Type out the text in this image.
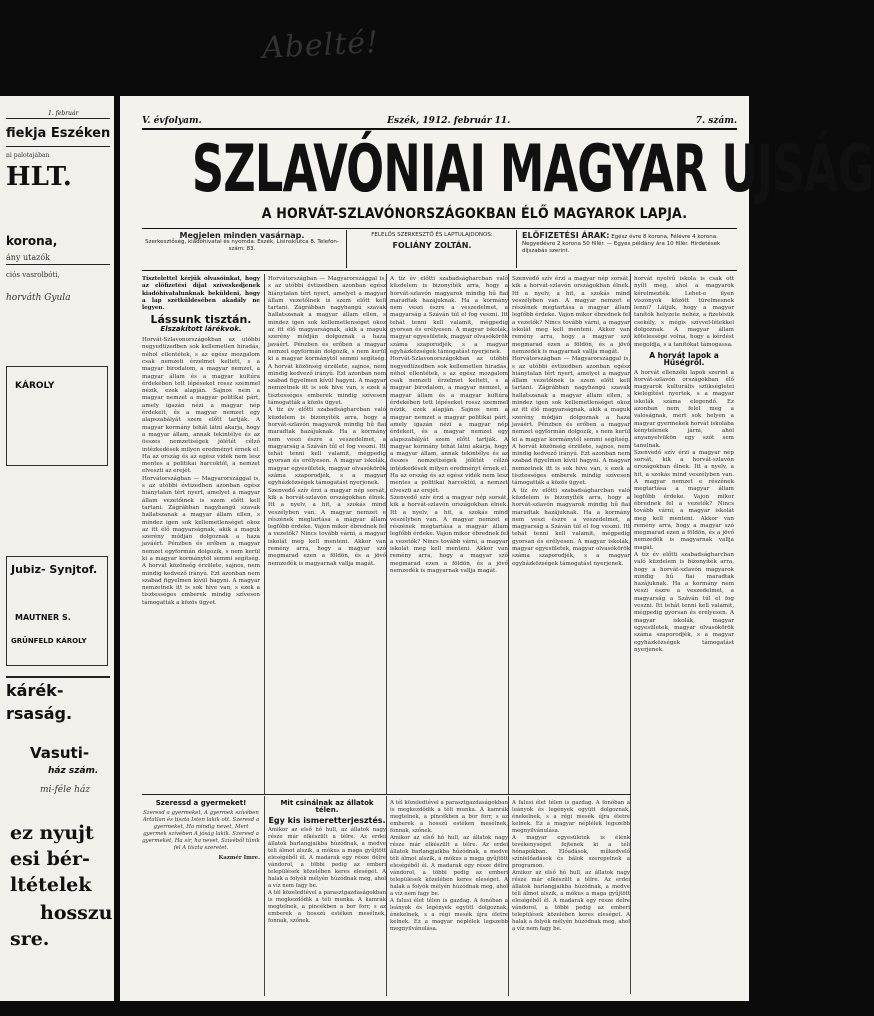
Abelté!
1. február
fiekja Eszéken
ni palotajában
HLT.
korona,
ány utazók
ciós vasrolbóti,
horváth Gyula
KÁROLY
Jubiz- Synjtof.
MAUTNER S.
GRÜNFELD KÁROLY
kárék-
rsaság.
Vasuti-
ház szám.
mi-féle ház
ez nyujt
esi bér-
ltételek
hosszu
sre.
V. évfolyam.	Eszék, 1912. február 11.	7. szám.
SZLAVÓNIAI MAGYAR UJSÁG
A HORVÁT-SZLAVÓNORSZÁGOKBAN ÉLŐ MAGYAROK LAPJA.
Megjelen minden vasárnap.
Szerkesztőség, kiadóhivatal és nyomda: Eszék, Lisinskiutca 8. Telefon-szám: 83.
FELELŐS SZERKESZTŐ ÉS LAPTULAJDONOS:
FOLIÁNY ZOLTÁN.
ELŐFIZETÉSI ÁRAK: Egész évre 8 korona, Félévre 4 korona. Negyedévre 2 korona 50 fillér. — Egyes példány ára 10 fillér. Hirdetések díjszabás szerint.

Tisztelettel kérjük olvasóinkat, hogy az elöfizetési díjat szíveskedjenek kiadóhivatalunknak beküldeni, hogy a lap szétküldésében akadály ne legyen.

Lássunk tisztán.
Elszakított lárékvok.

Horvát-Szlavonországokban az utóbbi negyedtizedben sok kellemetlen hiradás, néhol ellentétek, s az egész mozgalom csak nemzeti érzelmet keltett, s a magyar birodalom, a magyar nemzet, a magyar állam és a magyar kultúra érdekében tett lépéseket rossz szemmel nézik, ezek alapján. Sajnos nem a magyar nemzet a magyar politikai párt, amely igazán nézi a magyar nép érdekeit, és a magyar nemzet egy alapszabályát szem előtt tartják. A magyar kormány tehát látni akarja, hogy a magyar állam, annak tekintélye és az összes nemzetiségek jólétét célzó intézkedések milyen eredményt érnek el. Ha az ország és az egész vidék nem lesz mentes a politikai harcoktól, a nemzet elveszti az erejét.

Horvátországban — Magyarországgal is, s az utóbbi évtizedben azonban egész hiánytalan tért nyert, amelyet a magyar állam vezetőinek is szem előtt kell tartani. Zágrábban nagyhangú szavak hallatszanak a magyar állam ellen, s mindez igen sok kellemetlenséget okoz az itt élő magyarságnak, akik a maguk szerény módján dolgoznak a haza javáért. Pénzben és erőben a magyar nemzet egyformán dolgozik, s nem kerül ki a magyar kormánytól semmi segítség. A horvát közönség érzülete, sajnos, nem mindig kedvező irányú. Ezt azonban nem szabad figyelmen kívül hagyni. A magyar nemzetnek itt is sok hive van, s ezek a tisztességes emberek mindig szívesen támogatták a közös ügyet.

Horvátországban — Magyarországgal is, s az utóbbi évtizedben azonban egész hiánytalan tért nyert, amelyet a magyar állam vezetőinek is szem előtt kell tartani. Zágrábban nagyhangú szavak hallatszanak a magyar állam ellen, s mindez igen sok kellemetlenséget okoz az itt élő magyarságnak, akik a maguk szerény módján dolgoznak a haza javáért. Pénzben és erőben a magyar nemzet egyformán dolgozik, s nem kerül ki a magyar kormánytól semmi segítség. A horvát közönség érzülete, sajnos, nem mindig kedvező irányú. Ezt azonban nem szabad figyelmen kívül hagyni. A magyar nemzetnek itt is sok hive van, s ezek a tisztességes emberek mindig szívesen támogatták a közös ügyet.

A tíz év előtti szabadságharcban való küzdelem is bizonyíték arra, hogy a horvát-szlavón magyarok mindig hű fiai maradtak hazájuknak. Ha a kormány nem veszi észre a veszedelmet, a magyarság a Száván túl el fog veszni. Itt tehát tenni kell valamit, mégpedig gyorsan és erélyesen. A magyar iskolák, magyar egyesületek, magyar olvasókörök száma szaporodjék, s a magyar egyházközségek támogatást nyerjenek.

Szenvedő szív érzi a magyar nép sorsát, kik a horvát-szlavón országokban élnek. Itt a nyelv, a hit, a szokás mind veszélyben van. A magyar nemzet e részének megtartása a magyar állam legfőbb érdeke. Vajon mikor ébrednek fel a vezetők? Nincs tovább várni, a magyar iskolát meg kell menteni. Akkor van remény arra, hogy a magyar szó megmarad ezen a földön, és a jövő nemzedék is magyarnak vallja magát.

A tíz év előtti szabadságharcban való küzdelem is bizonyíték arra, hogy a horvát-szlavón magyarok mindig hű fiai maradtak hazájuknak. Ha a kormány nem veszi észre a veszedelmet, a magyarság a Száván túl el fog veszni. Itt tehát tenni kell valamit, mégpedig gyorsan és erélyesen. A magyar iskolák, magyar egyesületek, magyar olvasókörök száma szaporodjék, s a magyar egyházközségek támogatást nyerjenek.

Horvát-Szlavonországokban az utóbbi negyedtizedben sok kellemetlen hiradás, néhol ellentétek, s az egész mozgalom csak nemzeti érzelmet keltett, s a magyar birodalom, a magyar nemzet, a magyar állam és a magyar kultúra érdekében tett lépéseket rossz szemmel nézik, ezek alapján. Sajnos nem a magyar nemzet a magyar politikai párt, amely igazán nézi a magyar nép érdekeit, és a magyar nemzet egy alapszabályát szem előtt tartják. A magyar kormány tehát látni akarja, hogy a magyar állam, annak tekintélye és az összes nemzetiségek jólétét célzó intézkedések milyen eredményt érnek el. Ha az ország és az egész vidék nem lesz mentes a politikai harcoktól, a nemzet elveszti az erejét.

Szenvedő szív érzi a magyar nép sorsát, kik a horvát-szlavón országokban élnek. Itt a nyelv, a hit, a szokás mind veszélyben van. A magyar nemzet e részének megtartása a magyar állam legfőbb érdeke. Vajon mikor ébrednek fel a vezetők? Nincs tovább várni, a magyar iskolát meg kell menteni. Akkor van remény arra, hogy a magyar szó megmarad ezen a földön, és a jövő nemzedék is magyarnak vallja magát.

Szenvedő szív érzi a magyar nép sorsát, kik a horvát-szlavón országokban élnek. Itt a nyelv, a hit, a szokás mind veszélyben van. A magyar nemzet e részének megtartása a magyar állam legfőbb érdeke. Vajon mikor ébrednek fel a vezetők? Nincs tovább várni, a magyar iskolát meg kell menteni. Akkor van remény arra, hogy a magyar szó megmarad ezen a földön, és a jövő nemzedék is magyarnak vallja magát.

Horvátországban — Magyarországgal is, s az utóbbi évtizedben azonban egész hiánytalan tért nyert, amelyet a magyar állam vezetőinek is szem előtt kell tartani. Zágrábban nagyhangú szavak hallatszanak a magyar állam ellen, s mindez igen sok kellemetlenséget okoz az itt élő magyarságnak, akik a maguk szerény módján dolgoznak a haza javáért. Pénzben és erőben a magyar nemzet egyformán dolgozik, s nem kerül ki a magyar kormánytól semmi segítség. A horvát közönség érzülete, sajnos, nem mindig kedvező irányú. Ezt azonban nem szabad figyelmen kívül hagyni. A magyar nemzetnek itt is sok hive van, s ezek a tisztességes emberek mindig szívesen támogatták a közös ügyet.

A tíz év előtti szabadságharcban való küzdelem is bizonyíték arra, hogy a horvát-szlavón magyarok mindig hű fiai maradtak hazájuknak. Ha a kormány nem veszi észre a veszedelmet, a magyarság a Száván túl el fog veszni. Itt tehát tenni kell valamit, mégpedig gyorsan és erélyesen. A magyar iskolák, magyar egyesületek, magyar olvasókörök száma szaporodjék, s a magyar egyházközségek támogatást nyerjenek.

horvát nyelvű iskola is csak ott nyílt meg, ahol a magyarok kérelmezték. Lehet-e ilyen viszonyok között türelmesnek lenni? Látjuk, hogy a magyar tanítók helyzete nehéz, a fizetésük csekély, s mégis szívvel-lélekkel dolgoznak. A magyar állam kötelessége volna, hogy a kérdést megoldja, s a tanítókat támogassa.

A horvát lapok a Hűségről.

A horvát ellenzéki lapok szerint a horvát-szlavón országokban élő magyarok kulturális szükségletei kielégítést nyertek, s a magyar iskolák száma elegendő. Ez azonban nem felel meg a valóságnak, mert sok helyen a magyar gyermekek horvát iskolába kénytelenek járni, ahol anyanyelvükön egy szót sem tanulnak.

Szenvedő szív érzi a magyar nép sorsát, kik a horvát-szlavón országokban élnek. Itt a nyelv, a hit, a szokás mind veszélyben van. A magyar nemzet e részének megtartása a magyar állam legfőbb érdeke. Vajon mikor ébrednek fel a vezetők? Nincs tovább várni, a magyar iskolát meg kell menteni. Akkor van remény arra, hogy a magyar szó megmarad ezen a földön, és a jövő nemzedék is magyarnak vallja magát.

A tíz év előtti szabadságharcban való küzdelem is bizonyíték arra, hogy a horvát-szlavón magyarok mindig hű fiai maradtak hazájuknak. Ha a kormány nem veszi észre a veszedelmet, a magyarság a Száván túl el fog veszni. Itt tehát tenni kell valamit, mégpedig gyorsan és erélyesen. A magyar iskolák, magyar egyesületek, magyar olvasókörök száma szaporodjék, s a magyar egyházközségek támogatást nyerjenek.

Szeressd a gyermeket!

Szeresd a gyermeket, A gyermek szívében Ártatlan és tiszta Isten lakik ott. Szeresd a gyermeket, Ha mindig nevet, Mert gyermek szívében A jóság lakik. Szeresd a gyermeket, Ha sír, ha nevet, Szívéből tűnik fel A tiszta szeretet.

Kazmér Imre.

Mit csinálnak az állatok télen.
Egy kis ismeretterjesztés.

Amikor az első hó hull, az állatok nagy része már elkészült a télre. Az erdei állatok barlangjaikba húzódnak, a medve téli álmot alszik, a mókus a maga gyűjtött eleségéből él. A madarak egy része délre vándorol, a többi pedig az emberi települések közelében keres eleséget. A halak a folyók mélyén húzódnak meg, ahol a víz nem fagy be.

A tél közeledtével a parasztgazdaságokban is megkezdődik a téli munka. A kamrák megtelnek, a pincékben a bor forr, s az emberek a hosszú estéken mesélnek, fonnak, szőnek.

A tél közeledtével a parasztgazdaságokban is megkezdődik a téli munka. A kamrák megtelnek, a pincékben a bor forr, s az emberek a hosszú estéken mesélnek, fonnak, szőnek.

Amikor az első hó hull, az állatok nagy része már elkészült a télre. Az erdei állatok barlangjaikba húzódnak, a medve téli álmot alszik, a mókus a maga gyűjtött eleségéből él. A madarak egy része délre vándorol, a többi pedig az emberi települések közelében keres eleséget. A halak a folyók mélyén húzódnak meg, ahol a víz nem fagy be.

A falusi élet télen is gazdag. A fonóban a leányok és legények együtt dolgoznak, énekelnek, s a régi mesék újra életre kelnek. Ez a magyar néplélek legszebb megnyilvánulása.

A falusi élet télen is gazdag. A fonóban a leányok és legények együtt dolgoznak, énekelnek, s a régi mesék újra életre kelnek. Ez a magyar néplélek legszebb megnyilvánulása.

A magyar egyesületek is élénk tevékenységet fejtenek ki a téli hónapokban. Előadások, műkedvelő színielőadások és bálok szerepelnek a programon.

Amikor az első hó hull, az állatok nagy része már elkészült a télre. Az erdei állatok barlangjaikba húzódnak, a medve téli álmot alszik, a mókus a maga gyűjtött eleségéből él. A madarak egy része délre vándorol, a többi pedig az emberi települések közelében keres eleséget. A halak a folyók mélyén húzódnak meg, ahol a víz nem fagy be.
